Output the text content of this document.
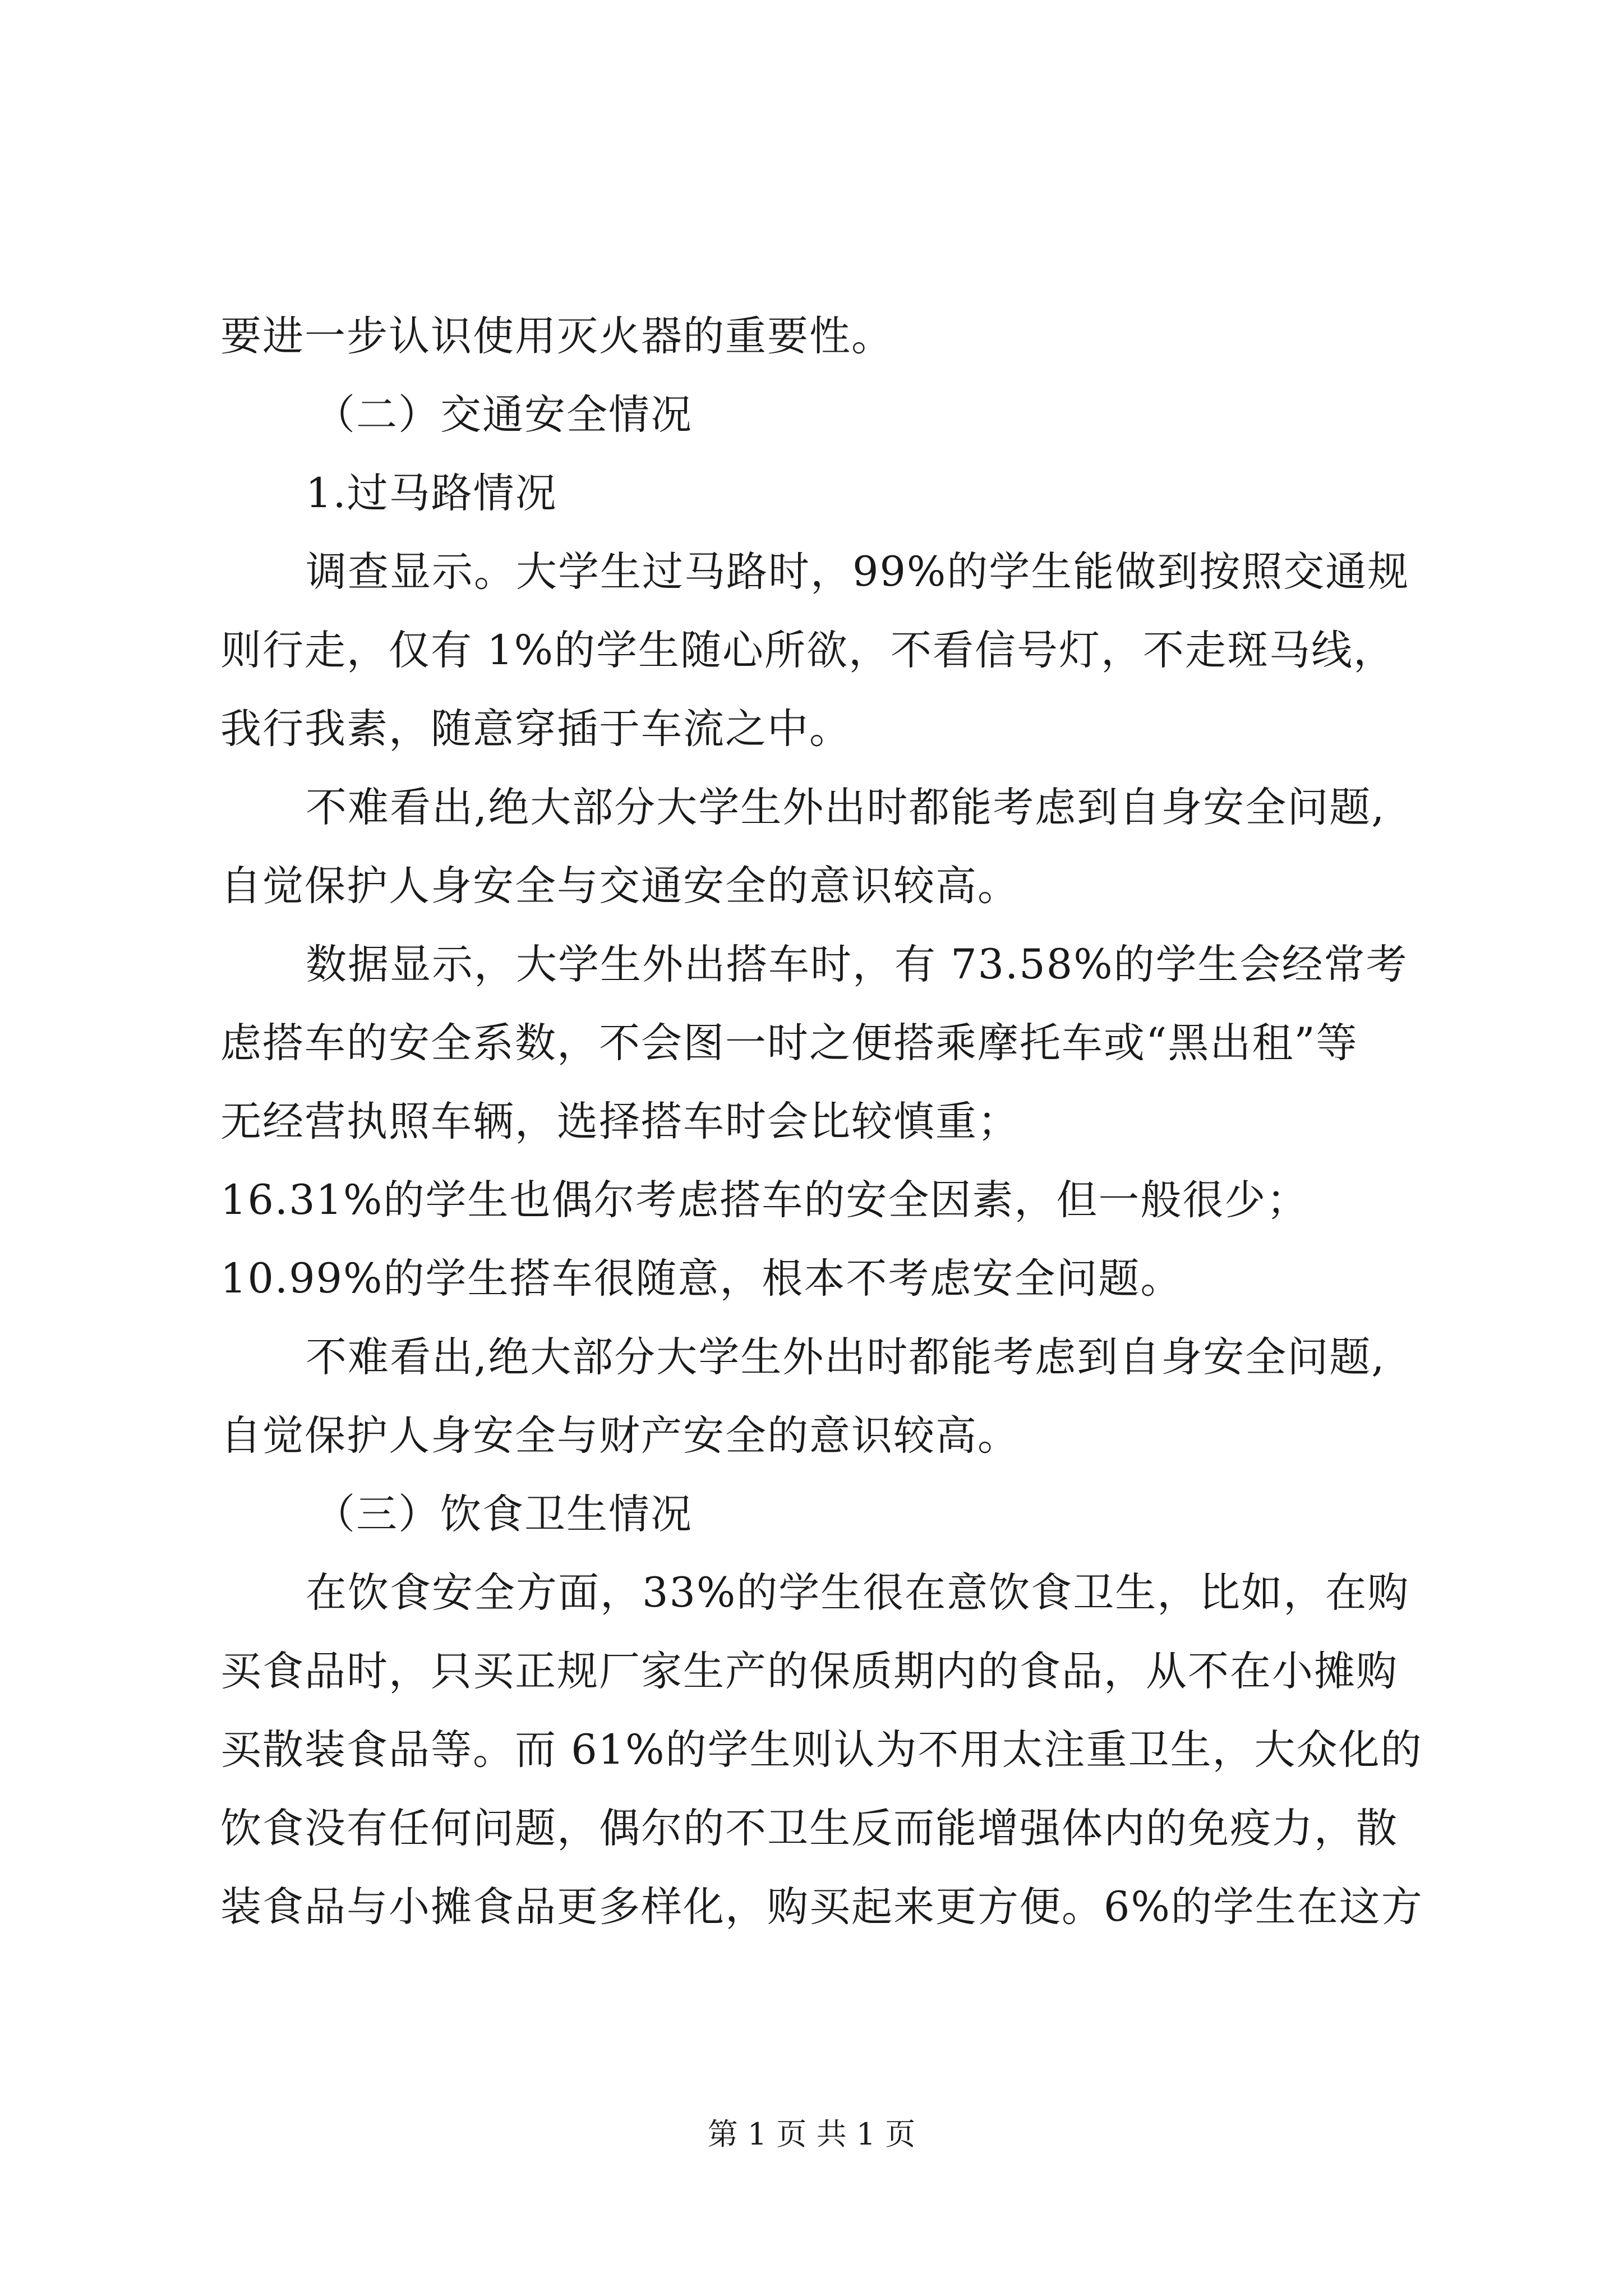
要进一步认识使用灭火器的重要性。
（二）交通安全情况
1.过马路情况
调查显示。大学生过马路时，99%的学生能做到按照交通规
则行走，仅有 1%的学生随心所欲，不看信号灯，不走斑马线，
我行我素，随意穿插于车流之中。
不难看出,绝大部分大学生外出时都能考虑到自身安全问题,
自觉保护人身安全与交通安全的意识较高。
数据显示，大学生外出搭车时，有 73.58%的学生会经常考
虑搭车的安全系数，不会图一时之便搭乘摩托车或“黑出租”等
无经营执照车辆，选择搭车时会比较慎重；
16.31%的学生也偶尔考虑搭车的安全因素，但一般很少；
10.99%的学生搭车很随意，根本不考虑安全问题。
不难看出,绝大部分大学生外出时都能考虑到自身安全问题,
自觉保护人身安全与财产安全的意识较高。
（三）饮食卫生情况
在饮食安全方面，33%的学生很在意饮食卫生，比如，在购
买食品时，只买正规厂家生产的保质期内的食品，从不在小摊购
买散装食品等。而 61%的学生则认为不用太注重卫生，大众化的
饮食没有任何问题，偶尔的不卫生反而能增强体内的免疫力，散
装食品与小摊食品更多样化，购买起来更方便。6%的学生在这方
第 1 页 共 1 页
